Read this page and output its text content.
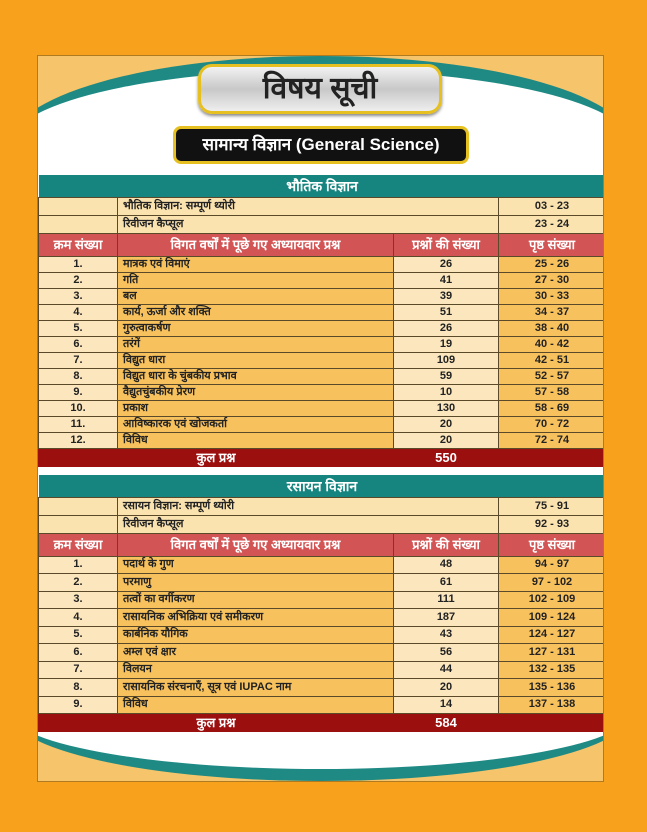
विषय सूची
सामान्य विज्ञान (General Science)
भौतिक विज्ञान			
	भौतिक विज्ञान: सम्पूर्ण थ्योरी		03 - 23
	रिवीजन कैप्सूल		23 - 24
क्रम संख्या	विगत वर्षों में पूछे गए अध्यायवार प्रश्न	प्रश्नों की संख्या	पृष्ठ संख्या
1.	मात्रक एवं विमाएं	26	25 - 26
2.	गति	41	27 - 30
3.	बल	39	30 - 33
4.	कार्य, ऊर्जा और शक्ति	51	34 - 37
5.	गुरुत्वाकर्षण	26	38 - 40
6.	तरंगें	19	40 - 42
7.	विद्युत धारा	109	42 - 51
8.	विद्युत धारा के चुंबकीय प्रभाव	59	52 - 57
9.	वैद्युतचुंबकीय प्रेरण	10	57 - 58
10.	प्रकाश	130	58 - 69
11.	आविष्कारक एवं खोजकर्ता	20	70 - 72
12.	विविध	20	72 - 74
कुल प्रश्न		550	
रसायन विज्ञान			
	रसायन विज्ञान: सम्पूर्ण थ्योरी		75 - 91
	रिवीजन कैप्सूल		92 - 93
क्रम संख्या	विगत वर्षों में पूछे गए अध्यायवार प्रश्न	प्रश्नों की संख्या	पृष्ठ संख्या
1.	पदार्थ के गुण	48	94 - 97
2.	परमाणु	61	97 - 102
3.	तत्वों का वर्गीकरण	111	102 - 109
4.	रासायनिक अभिक्रिया एवं समीकरण	187	109 - 124
5.	कार्बनिक यौगिक	43	124 - 127
6.	अम्ल एवं क्षार	56	127 - 131
7.	विलयन	44	132 - 135
8.	रासायनिक संरचनाएँ, सूत्र एवं IUPAC नाम	20	135 - 136
9.	विविध	14	137 - 138
कुल प्रश्न		584	
